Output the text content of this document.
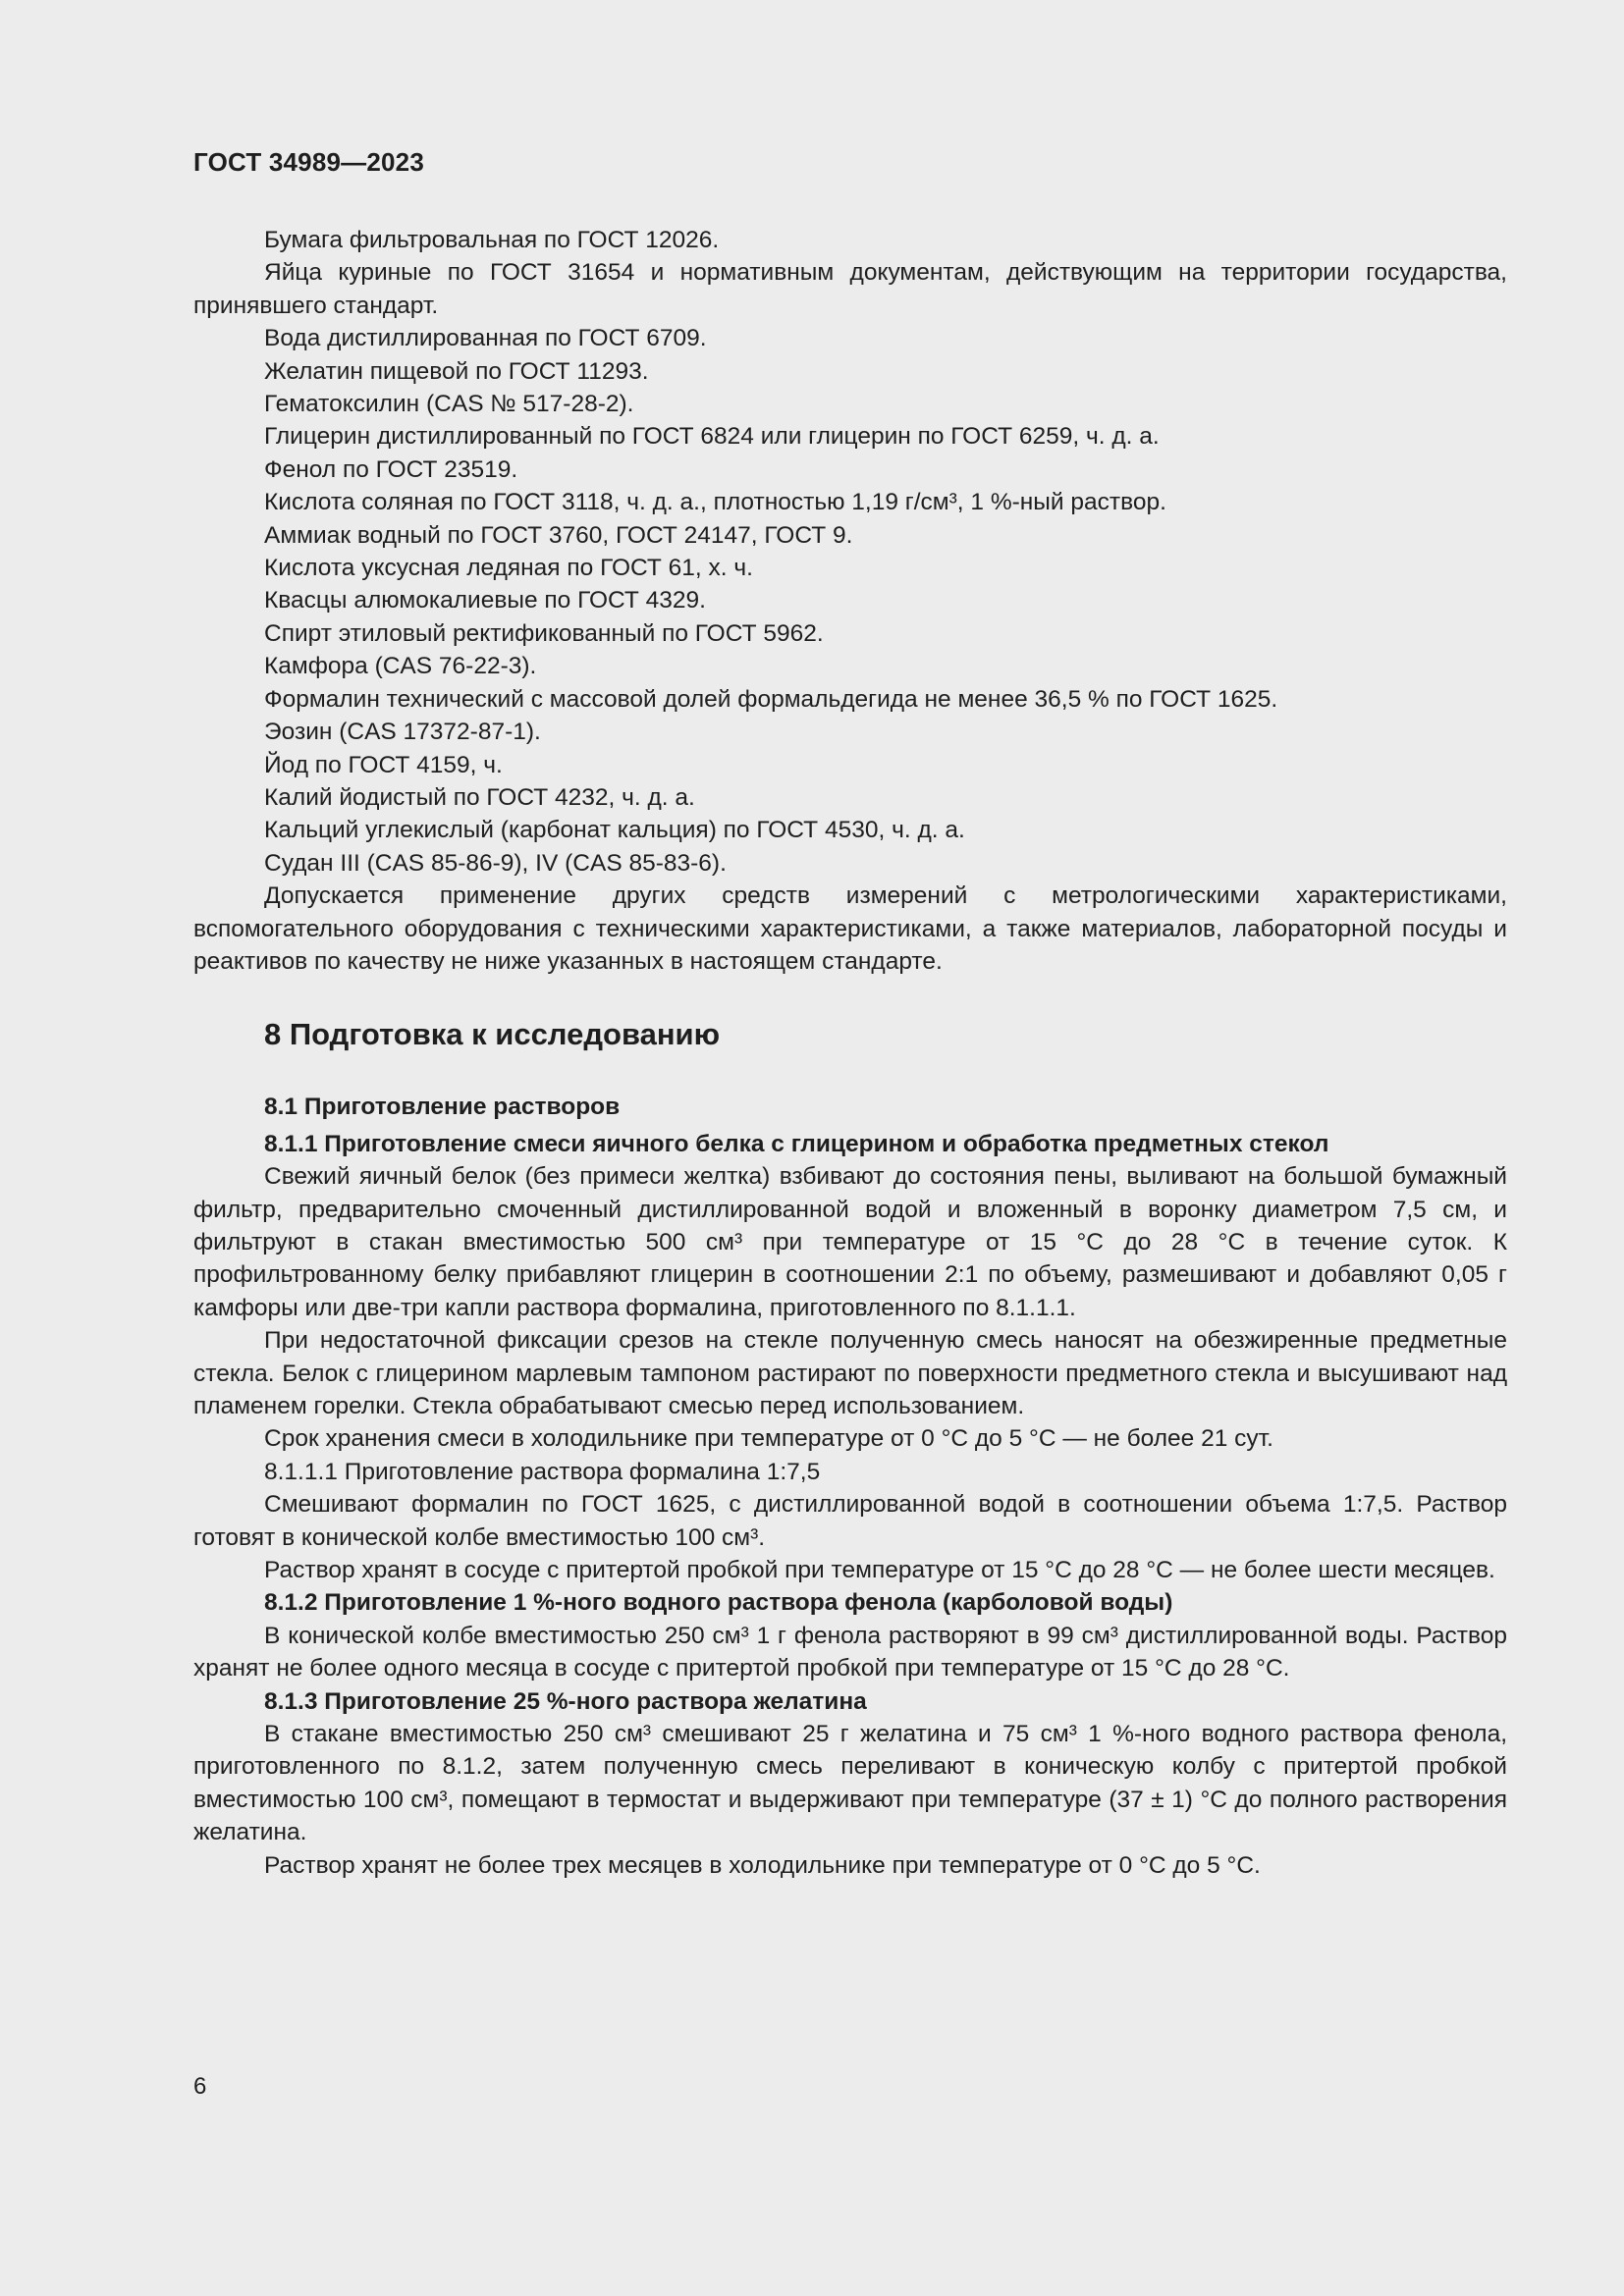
ГОСТ 34989—2023

Бумага фильтровальная по ГОСТ 12026.

Яйца куриные по ГОСТ 31654 и нормативным документам, действующим на территории государства, принявшего стандарт.

Вода дистиллированная по ГОСТ 6709.

Желатин пищевой по ГОСТ 11293.

Гематоксилин (CAS № 517-28-2).

Глицерин дистиллированный по ГОСТ 6824 или глицерин по ГОСТ 6259, ч. д. а.

Фенол по ГОСТ 23519.

Кислота соляная по ГОСТ 3118, ч. д. а., плотностью 1,19 г/см³, 1 %-ный раствор.

Аммиак водный по ГОСТ 3760, ГОСТ 24147, ГОСТ 9.

Кислота уксусная ледяная по ГОСТ 61, х. ч.

Квасцы алюмокалиевые по ГОСТ 4329.

Спирт этиловый ректификованный по ГОСТ 5962.

Камфора (CAS 76-22-3).

Формалин технический с массовой долей формальдегида не менее 36,5 % по ГОСТ 1625.

Эозин (CAS 17372-87-1).

Йод по ГОСТ 4159, ч.

Калий йодистый по ГОСТ 4232, ч. д. а.

Кальций углекислый (карбонат кальция) по ГОСТ 4530, ч. д. а.

Судан III (CAS 85-86-9), IV (CAS 85-83-6).

Допускается применение других средств измерений с метрологическими характеристиками, вспомогательного оборудования с техническими характеристиками, а также материалов, лабораторной посуды и реактивов по качеству не ниже указанных в настоящем стандарте.

8 Подготовка к исследованию

8.1 Приготовление растворов

8.1.1 Приготовление смеси яичного белка с глицерином и обработка предметных стекол

Свежий яичный белок (без примеси желтка) взбивают до состояния пены, выливают на большой бумажный фильтр, предварительно смоченный дистиллированной водой и вложенный в воронку диаметром 7,5 см, и фильтруют в стакан вместимостью 500 см³ при температуре от 15 °C до 28 °C в течение суток. К профильтрованному белку прибавляют глицерин в соотношении 2:1 по объему, размешивают и добавляют 0,05 г камфоры или две-три капли раствора формалина, приготовленного по 8.1.1.1.

При недостаточной фиксации срезов на стекле полученную смесь наносят на обезжиренные предметные стекла. Белок с глицерином марлевым тампоном растирают по поверхности предметного стекла и высушивают над пламенем горелки. Стекла обрабатывают смесью перед использованием.

Срок хранения смеси в холодильнике при температуре от 0 °C до 5 °C — не более 21 сут.

8.1.1.1 Приготовление раствора формалина 1:7,5

Смешивают формалин по ГОСТ 1625, с дистиллированной водой в соотношении объема 1:7,5. Раствор готовят в конической колбе вместимостью 100 см³.

Раствор хранят в сосуде с притертой пробкой при температуре от 15 °C до 28 °C — не более шести месяцев.

8.1.2 Приготовление 1 %-ного водного раствора фенола (карболовой воды)

В конической колбе вместимостью 250 см³ 1 г фенола растворяют в 99 см³ дистиллированной воды. Раствор хранят не более одного месяца в сосуде с притертой пробкой при температуре от 15 °C до 28 °C.

8.1.3 Приготовление 25 %-ного раствора желатина

В стакане вместимостью 250 см³ смешивают 25 г желатина и 75 см³ 1 %-ного водного раствора фенола, приготовленного по 8.1.2, затем полученную смесь переливают в коническую колбу с притертой пробкой вместимостью 100 см³, помещают в термостат и выдерживают при температуре (37 ± 1) °C до полного растворения желатина.

Раствор хранят не более трех месяцев в холодильнике при температуре от 0 °C до 5 °C.

6
